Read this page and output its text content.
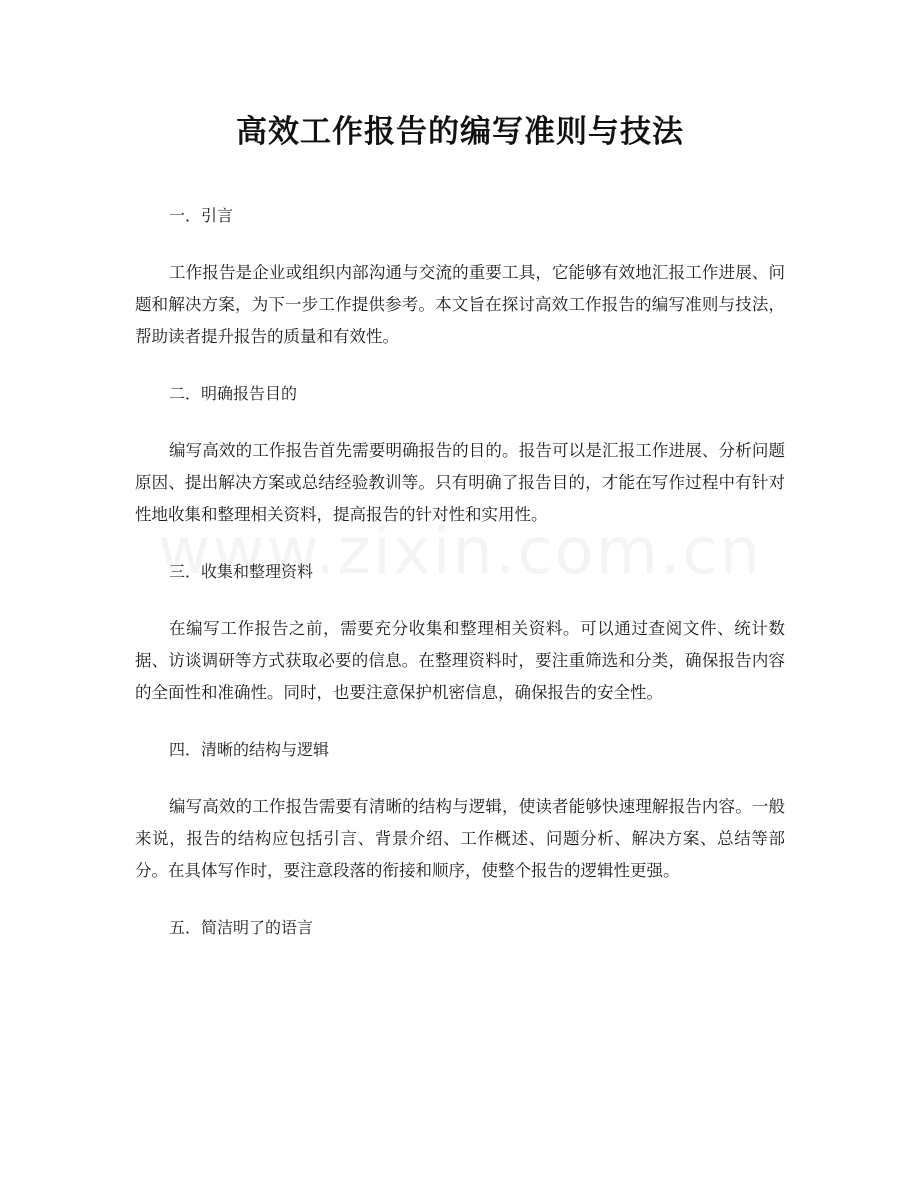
高效工作报告的编写准则与技法

一．引言

工作报告是企业或组织内部沟通与交流的重要工具，它能够有效地汇报工作进展、问题和解决方案，为下一步工作提供参考。本文旨在探讨高效工作报告的编写准则与技法，帮助读者提升报告的质量和有效性。

二．明确报告目的

编写高效的工作报告首先需要明确报告的目的。报告可以是汇报工作进展、分析问题原因、提出解决方案或总结经验教训等。只有明确了报告目的，才能在写作过程中有针对性地收集和整理相关资料，提高报告的针对性和实用性。

三．收集和整理资料

在编写工作报告之前，需要充分收集和整理相关资料。可以通过查阅文件、统计数据、访谈调研等方式获取必要的信息。在整理资料时，要注重筛选和分类，确保报告内容的全面性和准确性。同时，也要注意保护机密信息，确保报告的安全性。

四．清晰的结构与逻辑

编写高效的工作报告需要有清晰的结构与逻辑，使读者能够快速理解报告内容。一般来说，报告的结构应包括引言、背景介绍、工作概述、问题分析、解决方案、总结等部分。在具体写作时，要注意段落的衔接和顺序，使整个报告的逻辑性更强。

五．简洁明了的语言
